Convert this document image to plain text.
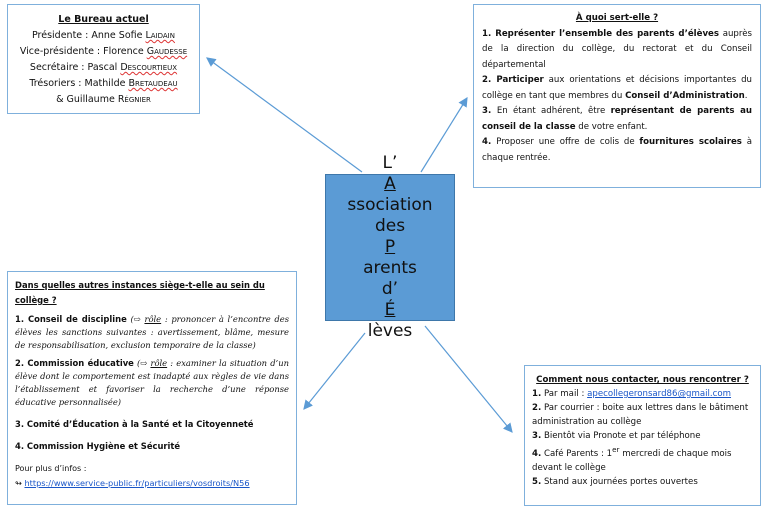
Le Bureau actuel
Présidente : Anne Sofie Laidain
Vice-présidente : Florence Gaudesse
Secrétaire : Pascal Descourtieux
Trésoriers : Mathilde Bretaudeau
& Guillaume Régnier
À quoi sert-elle ?

1. Représenter l’ensemble des parents d’élèves auprès de la direction du collège, du rectorat et du Conseil départemental

2. Participer aux orientations et décisions importantes du collège en tant que membres du Conseil d’Administration.

3. En étant adhérent, être représentant de parents au conseil de la classe de votre enfant.

4. Proposer une offre de colis de fournitures scolaires à chaque rentrée.

L’
A
ssociation
des
P
arents
d’
É
lèves
Dans quelles autres instances siège-t-elle au sein du collège ?
1. Conseil de discipline (⇨ rôle : prononcer à l’encontre des élèves les sanctions suivantes : avertissement, blâme, mesure de responsabilisation, exclusion temporaire de la classe)
2. Commission éducative (⇨ rôle : examiner la situation d’un élève dont le comportement est inadapté aux règles de vie dans l’établissement et favoriser la recherche d’une réponse éducative personnalisée)
3. Comité d’Éducation à la Santé et la Citoyenneté
4. Commission Hygiène et Sécurité
Pour plus d’infos :
↬ https://www.service-public.fr/particuliers/vosdroits/N56
Comment nous contacter, nous rencontrer ?

1. Par mail : apecollegeronsard86@gmail.com

2. Par courrier : boite aux lettres dans le bâtiment administration au collège

3. Bientôt via Pronote et par téléphone

4. Café Parents : 1er mercredi de chaque mois devant le collège

5. Stand aux journées portes ouvertes
